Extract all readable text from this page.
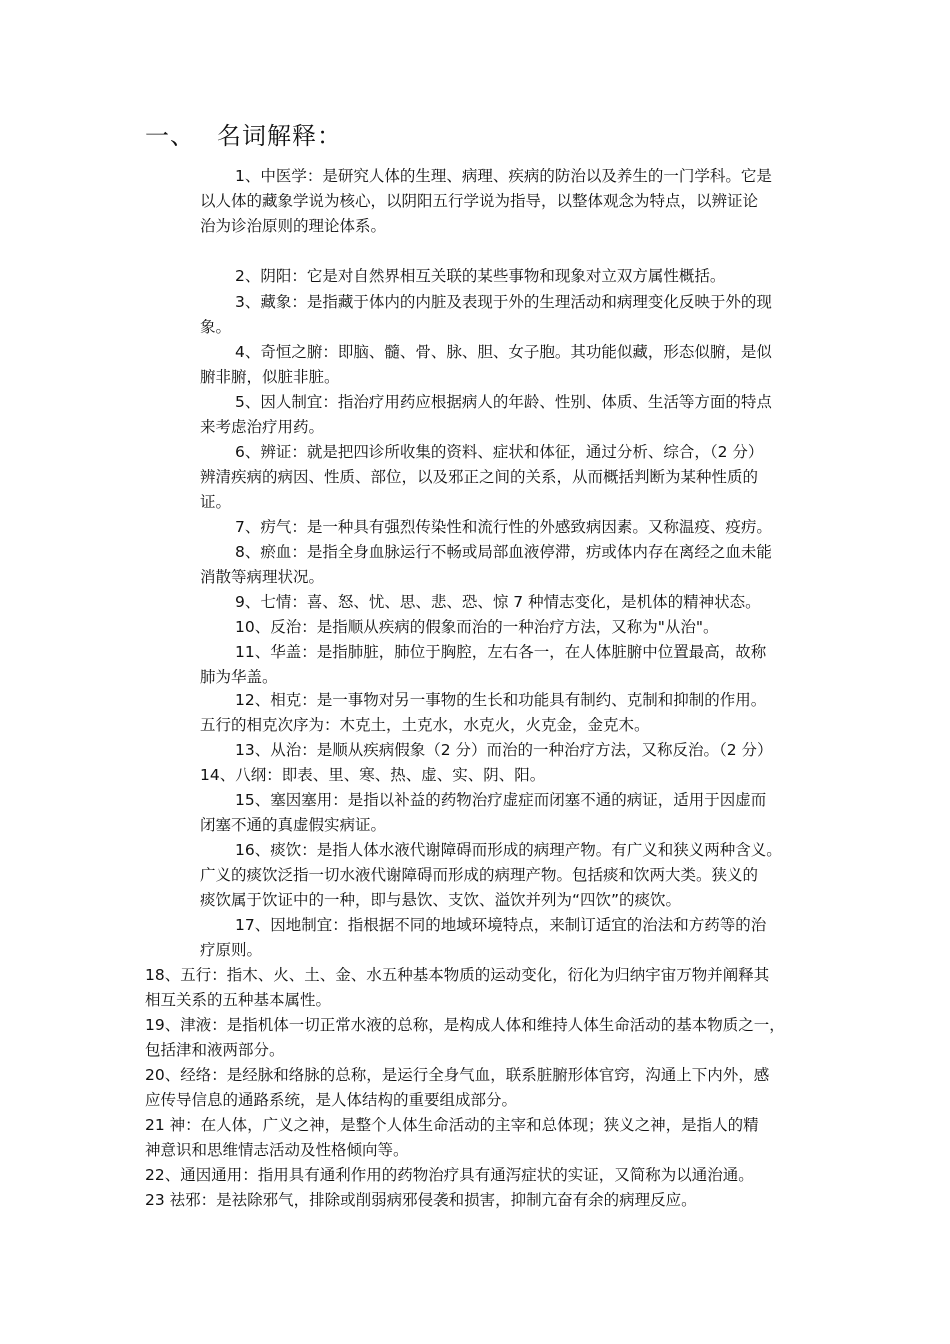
一、 名词解释：
1、中医学：是研究人体的生理、病理、疾病的防治以及养生的一门学科。它是
以人体的藏象学说为核心，以阴阳五行学说为指导，以整体观念为特点，以辨证论
治为诊治原则的理论体系。
2、阴阳：它是对自然界相互关联的某些事物和现象对立双方属性概括。
3、藏象：是指藏于体内的内脏及表现于外的生理活动和病理变化反映于外的现
象。
4、奇恒之腑：即脑、髓、骨、脉、胆、女子胞。其功能似藏，形态似腑，是似
腑非腑，似脏非脏。
5、因人制宜：指治疗用药应根据病人的年龄、性别、体质、生活等方面的特点
来考虑治疗用药。
6、辨证：就是把四诊所收集的资料、症状和体征，通过分析、综合，（2 分）
辨清疾病的病因、性质、部位，以及邪正之间的关系，从而概括判断为某种性质的
证。
7、疠气：是一种具有强烈传染性和流行性的外感致病因素。又称温疫、疫疠。
8、瘀血：是指全身血脉运行不畅或局部血液停滞，疠或体内存在离经之血未能
消散等病理状况。
9、七情：喜、怒、忧、思、悲、恐、惊 7 种情志变化，是机体的精神状态。
10、反治：是指顺从疾病的假象而治的一种治疗方法，又称为"从治"。
11、华盖：是指肺脏，肺位于胸腔，左右各一，在人体脏腑中位置最高，故称
肺为华盖。
12、相克：是一事物对另一事物的生长和功能具有制约、克制和抑制的作用。
五行的相克次序为：木克土，土克水，水克火，火克金，金克木。
13、从治：是顺从疾病假象（2 分）而治的一种治疗方法，又称反治。（2 分）
14、八纲：即表、里、寒、热、虚、实、阴、阳。
15、塞因塞用：是指以补益的药物治疗虚症而闭塞不通的病证，适用于因虚而
闭塞不通的真虚假实病证。
16、痰饮：是指人体水液代谢障碍而形成的病理产物。有广义和狭义两种含义。
广义的痰饮泛指一切水液代谢障碍而形成的病理产物。包括痰和饮两大类。狭义的
痰饮属于饮证中的一种，即与悬饮、支饮、溢饮并列为“四饮”的痰饮。
17、因地制宜：指根据不同的地域环境特点，来制订适宜的治法和方药等的治
疗原则。
18、五行：指木、火、土、金、水五种基本物质的运动变化，衍化为归纳宇宙万物并阐释其
相互关系的五种基本属性。
19、津液：是指机体一切正常水液的总称，是构成人体和维持人体生命活动的基本物质之一，
包括津和液两部分。
20、经络：是经脉和络脉的总称，是运行全身气血，联系脏腑形体官窍，沟通上下内外，感
应传导信息的通路系统，是人体结构的重要组成部分。
21 神：在人体，广义之神，是整个人体生命活动的主宰和总体现；狭义之神，是指人的精
神意识和思维情志活动及性格倾向等。
22、通因通用：指用具有通利作用的药物治疗具有通泻症状的实证，又简称为以通治通。
23 祛邪：是祛除邪气，排除或削弱病邪侵袭和损害，抑制亢奋有余的病理反应。
